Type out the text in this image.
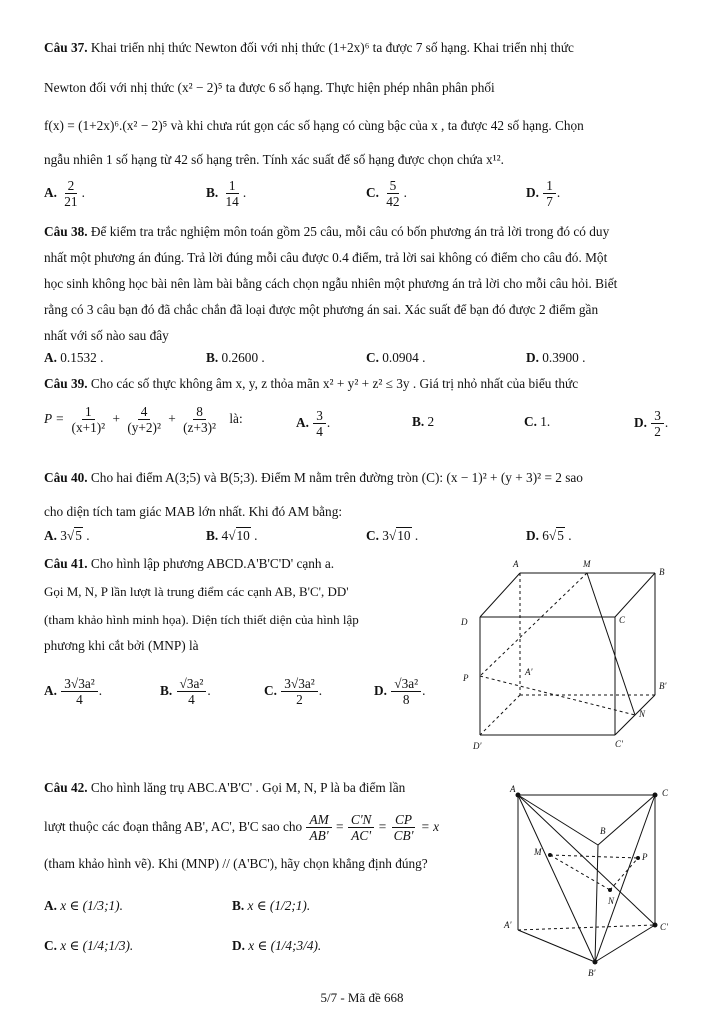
Câu 37. Khai triển nhị thức Newton đối với nhị thức (1+2x)⁶ ta được 7 số hạng. Khai triển nhị thức
Newton đối với nhị thức (x² − 2)⁵ ta được 6 số hạng. Thực hiện phép nhân phân phối
f(x) = (1+2x)⁶.(x² − 2)⁵ và khi chưa rút gọn các số hạng có cùng bậc của x , ta được 42 số hạng. Chọn
ngẫu nhiên 1 số hạng từ 42 số hạng trên. Tính xác suất để số hạng được chọn chứa x¹².
A. $\frac{2}{21}$ .	B. $\frac{1}{14}$ .	C. $\frac{5}{42}$ .	D. $\frac{1}{7}$ .
Câu 38. Để kiểm tra trắc nghiệm môn toán gồm 25 câu, mỗi câu có bốn phương án trả lời trong đó có duy
nhất một phương án đúng. Trả lời đúng mỗi câu được 0.4 điểm, trả lời sai không có điểm cho câu đó. Một
học sinh không học bài nên làm bài bằng cách chọn ngẫu nhiên một phương án trả lời cho mỗi câu hỏi. Biết
rằng có 3 câu bạn đó đã chắc chắn đã loại được một phương án sai. Xác suất để bạn đó được 2 điểm gần
nhất với số nào sau đây
A. 0.1532 .	B. 0.2600 .	C. 0.0904 .	D. 0.3900 .
Câu 39. Cho các số thực không âm x, y, z thỏa mãn x² + y² + z² ≤ 3y . Giá trị nhỏ nhất của biểu thức
$P = \frac{1}{\text{(x+1)²}} + \frac{4}{\text{(y+2)²}} + \frac{8}{\text{(z+3)²}}$ là:	A. $\frac{3}{4}$ .	B. 2	C. 1.	D. $\frac{3}{2}$ .
Câu 40. Cho hai điểm A(3;5) và B(5;3). Điểm M nằm trên đường tròn (C): (x − 1)² + (y + 3)² = 2 sao
cho diện tích tam giác MAB lớn nhất. Khi đó AM bằng:
A. 3√5 .	B. 4√10 .	C. 3√10 .	D. 6√5 .
Câu 41. Cho hình lập phương ABCD.A'B'C'D' cạnh a.
Gọi M, N, P lần lượt là trung điểm các cạnh AB, B'C', DD'
(tham khảo hình minh họa). Diện tích thiết diện của hình lập
phương khi cắt bởi (MNP) là
A. $\frac{\text{3√3a²}}{4}$ .	B. $\frac{\text{√3a²}}{4}$ .	C. $\frac{\text{3√3a²}}{2}$ .	D. $\frac{\text{√3a²}}{8}$ .
A	M
B
D	C
A'
P
B'
N
D'	C'
Câu 42. Cho hình lăng trụ ABC.A'B'C' . Gọi M, N, P là ba điểm lần
lượt thuộc các đoạn thẳng AB', AC', B'C sao cho $\frac{AM}{AB'} = \frac{C'N}{AC'} = \frac{CP}{CB'} = x$
(tham khảo hình vẽ). Khi (MNP) // (A'BC'), hãy chọn khẳng định đúng?
A. x ∈ (1/3;1).	B. x ∈ (1/2;1).
C. x ∈ (1/4;1/3).	D. x ∈ (1/4;3/4).
A	C
B
M	P
N
A'	C'
B'
5/7 - Mã đề 668
